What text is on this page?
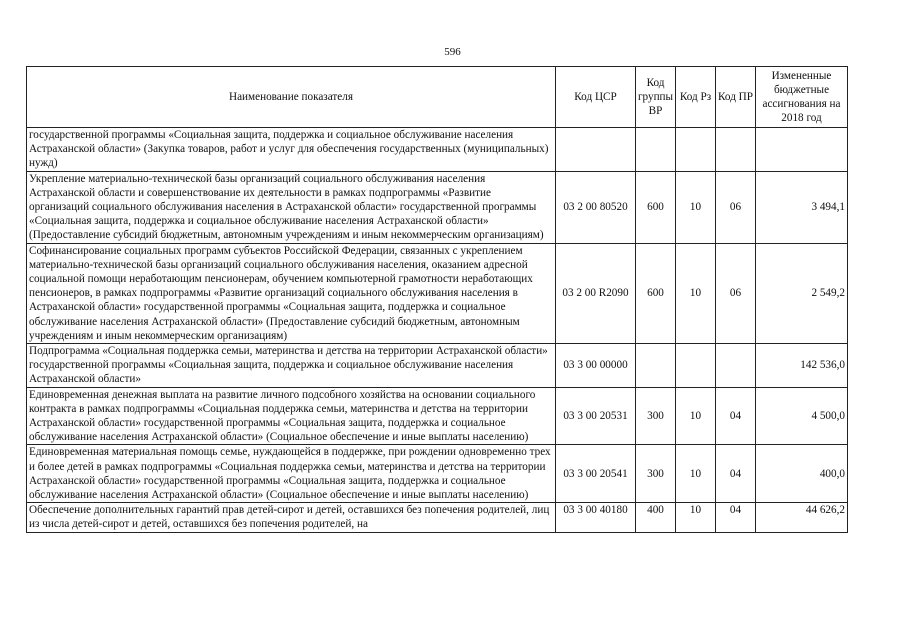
596
Наименование показателя	Код ЦСР	Код группы ВР	Код Рз	Код ПР	Измененные бюджетные ассигнования на 2018 год
государственной программы «Социальная защита, поддержка и социальное обслуживание населения Астраханской области» (Закупка товаров, работ и услуг для обеспечения государственных (муниципальных) нужд)					
Укрепление материально-технической базы организаций социального обслуживания населения Астраханской области и совершенствование их деятельности в рамках подпрограммы «Развитие организаций социального обслуживания населения в Астраханской области» государственной программы «Социальная защита, поддержка и социальное обслуживание населения Астраханской области» (Предоставление субсидий бюджетным, автономным учреждениям и иным некоммерческим организациям)	03 2 00 80520	600	10	06	3 494,1
Софинансирование социальных программ субъектов Российской Федерации, связанных с укреплением материально-технической базы организаций социального обслуживания населения, оказанием адресной социальной помощи неработающим пенсионерам, обучением компьютерной грамотности неработающих пенсионеров, в рамках подпрограммы «Развитие организаций социального обслуживания населения в Астраханской области» государственной программы «Социальная защита, поддержка и социальное обслуживание населения Астраханской области» (Предоставление субсидий бюджетным, автономным учреждениям и иным некоммерческим организациям)	03 2 00 R2090	600	10	06	2 549,2
Подпрограмма «Социальная поддержка семьи, материнства и детства на территории Астраханской области» государственной программы «Социальная защита, поддержка и социальное обслуживание населения Астраханской области»	03 3 00 00000				142 536,0
Единовременная денежная выплата на развитие личного подсобного хозяйства на основании социального контракта в рамках подпрограммы «Социальная поддержка семьи, материнства и детства на территории Астраханской области» государственной программы «Социальная защита, поддержка и социальное обслуживание населения Астраханской области» (Социальное обеспечение и иные выплаты населению)	03 3 00 20531	300	10	04	4 500,0
Единовременная материальная помощь семье, нуждающейся в поддержке, при рождении одновременно трех и более детей в рамках подпрограммы «Социальная поддержка семьи, материнства и детства на территории Астраханской области» государственной программы «Социальная защита, поддержка и социальное обслуживание населения Астраханской области» (Социальное обеспечение и иные выплаты населению)	03 3 00 20541	300	10	04	400,0
Обеспечение дополнительных гарантий прав детей-сирот и детей, оставшихся без попечения родителей, лиц из числа детей-сирот и детей, оставшихся без попечения родителей, на	03 3 00 40180	400	10	04	44 626,2
